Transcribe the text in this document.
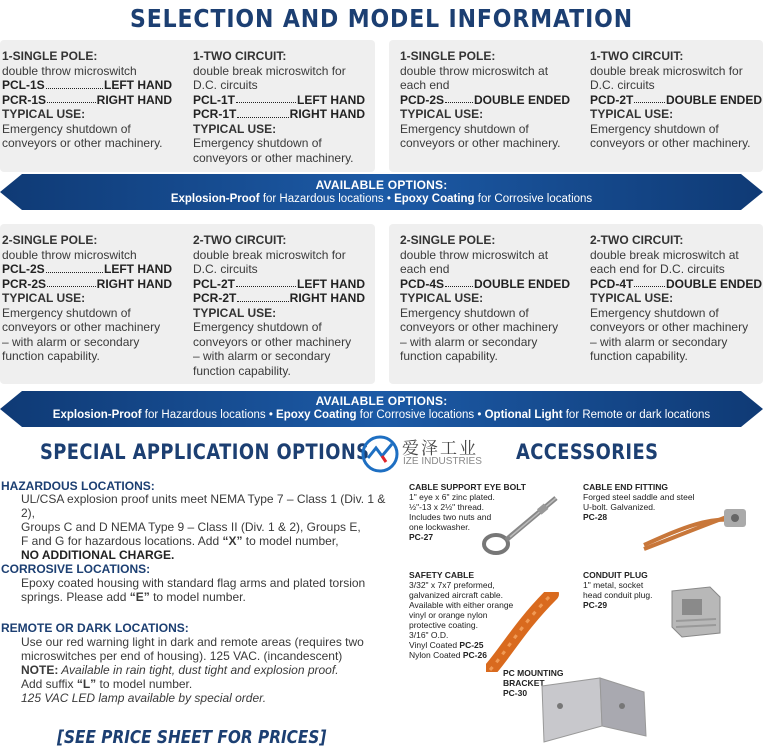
SELECTION AND MODEL INFORMATION
1-SINGLE POLE:
double throw microswitch
PCL-1S	LEFT HAND
PCR-1S	RIGHT HAND
TYPICAL USE:
Emergency shutdown of
conveyors or other machinery.
1-TWO CIRCUIT:
double break microswitch for
D.C. circuits
PCL-1T	LEFT HAND
PCR-1T	RIGHT HAND
TYPICAL USE:
Emergency shutdown of
conveyors or other machinery.
1-SINGLE POLE:
double throw microswitch at
each end
PCD-2S DOUBLE ENDED
TYPICAL USE:
Emergency shutdown of
conveyors or other machinery.
1-TWO CIRCUIT:
double break microswitch for
D.C. circuits
PCD-2T	DOUBLE ENDED
TYPICAL USE:
Emergency shutdown of
conveyors or other machinery.
AVAILABLE OPTIONS:
Explosion-Proof for Hazardous locations • Epoxy Coating for Corrosive locations
2-SINGLE POLE:
double throw microswitch
PCL-2S	LEFT HAND
PCR-2S	RIGHT HAND
TYPICAL USE:
Emergency shutdown of
conveyors or other machinery
– with alarm or secondary
function capability.
2-TWO CIRCUIT:
double break microswitch for
D.C. circuits
PCL-2T	LEFT HAND
PCR-2T	RIGHT HAND
TYPICAL USE:
Emergency shutdown of
conveyors or other machinery
– with alarm or secondary
function capability.
2-SINGLE POLE:
double throw microswitch at
each end
PCD-4S DOUBLE ENDED
TYPICAL USE:
Emergency shutdown of
conveyors or other machinery
– with alarm or secondary
function capability.
2-TWO CIRCUIT:
double break microswitch at
each end for D.C. circuits
PCD-4T	DOUBLE ENDED
TYPICAL USE:
Emergency shutdown of
conveyors or other machinery
– with alarm or secondary
function capability.
AVAILABLE OPTIONS:
Explosion-Proof for Hazardous locations • Epoxy Coating for Corrosive locations • Optional Light for Remote or dark locations
SPECIAL APPLICATION OPTIONS 爱泽工业
IZE INDUSTRIES ACCESSORIES
HAZARDOUS LOCATIONS:
UL/CSA explosion proof units meet NEMA Type 7 – Class 1 (Div. 1 & 2),
Groups C and D NEMA Type 9 – Class II (Div. 1 & 2), Groups E,
F and G for hazardous locations. Add “X” to model number,
NO ADDITIONAL CHARGE.
CORROSIVE LOCATIONS:
Epoxy coated housing with standard flag arms and plated torsion
springs. Please add “E” to model number.
REMOTE OR DARK LOCATIONS:
Use our red warning light in dark and remote areas (requires two
microswitches per end of housing). 125 VAC. (incandescent)
NOTE: Available in rain tight, dust tight and explosion proof.
Add suffix “L” to model number.
125 VAC LED lamp available by special order.
[SEE PRICE SHEET FOR PRICES]
CABLE SUPPORT EYE BOLT
1" eye x 6" zinc plated.
½"-13 x 2½" thread.
Includes two nuts and
one lockwasher.
PC-27
CABLE END FITTING
Forged steel saddle and steel
U-bolt. Galvanized.
PC-28
SAFETY CABLE
3/32" x 7x7 preformed,
galvanized aircraft cable.
Available with either orange
vinyl or orange nylon
protective coating.
3/16" O.D.
Vinyl Coated PC-25
Nylon Coated PC-26
CONDUIT PLUG
1" metal, socket
head conduit plug.
PC-29
PC MOUNTING
BRACKET
PC-30
